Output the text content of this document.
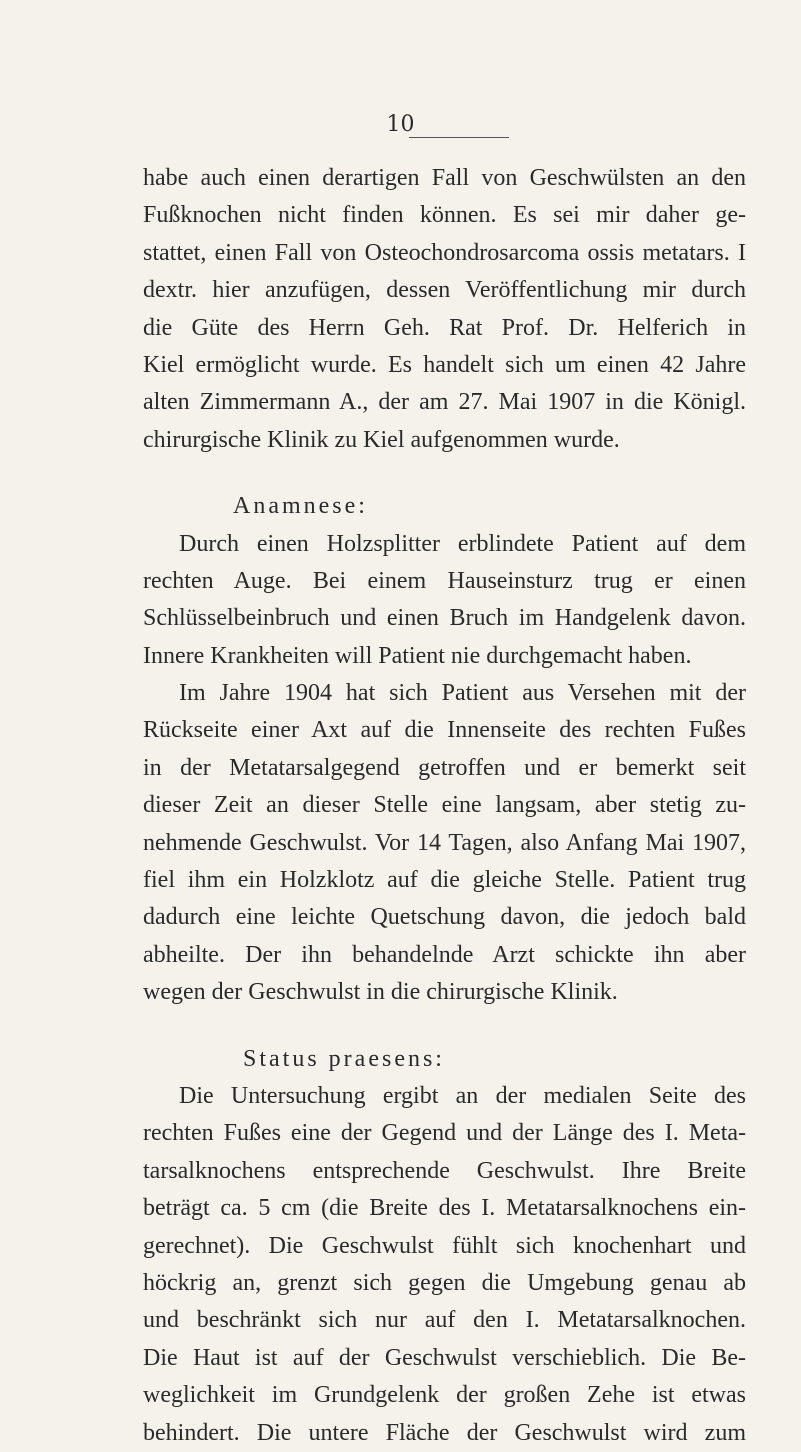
10
habe auch einen derartigen Fall von Geschwülsten an den
Fußknochen nicht finden können. Es sei mir daher ge-
stattet, einen Fall von Osteochondrosarcoma ossis metatars. I
dextr. hier anzufügen, dessen Veröffentlichung mir durch
die Güte des Herrn Geh. Rat Prof. Dr. Helferich in
Kiel ermöglicht wurde. Es handelt sich um einen 42 Jahre
alten Zimmermann A., der am 27. Mai 1907 in die Königl.
chirurgische Klinik zu Kiel aufgenommen wurde.
Anamnese:
Durch einen Holzsplitter erblindete Patient auf dem
rechten Auge. Bei einem Hauseinsturz trug er einen
Schlüsselbeinbruch und einen Bruch im Handgelenk davon.
Innere Krankheiten will Patient nie durchgemacht haben.
Im Jahre 1904 hat sich Patient aus Versehen mit der
Rückseite einer Axt auf die Innenseite des rechten Fußes
in der Metatarsalgegend getroffen und er bemerkt seit
dieser Zeit an dieser Stelle eine langsam, aber stetig zu-
nehmende Geschwulst. Vor 14 Tagen, also Anfang Mai 1907,
fiel ihm ein Holzklotz auf die gleiche Stelle. Patient trug
dadurch eine leichte Quetschung davon, die jedoch bald
abheilte. Der ihn behandelnde Arzt schickte ihn aber
wegen der Geschwulst in die chirurgische Klinik.
Status praesens:
Die Untersuchung ergibt an der medialen Seite des
rechten Fußes eine der Gegend und der Länge des I. Meta-
tarsalknochens entsprechende Geschwulst. Ihre Breite
beträgt ca. 5 cm (die Breite des I. Metatarsalknochens ein-
gerechnet). Die Geschwulst fühlt sich knochenhart und
höckrig an, grenzt sich gegen die Umgebung genau ab
und beschränkt sich nur auf den I. Metatarsalknochen.
Die Haut ist auf der Geschwulst verschieblich. Die Be-
weglichkeit im Grundgelenk der großen Zehe ist etwas
behindert. Die untere Fläche der Geschwulst wird zum
